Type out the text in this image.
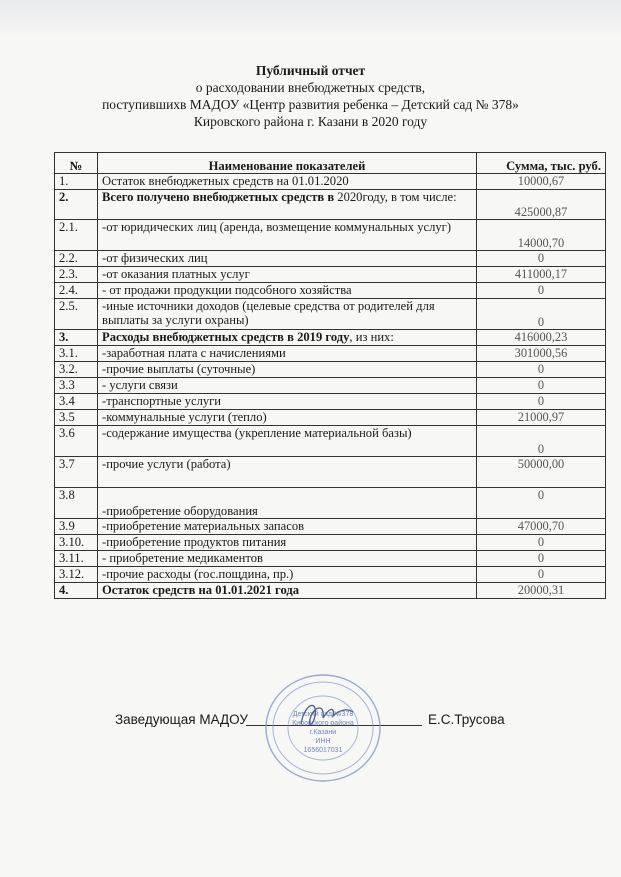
Публичный отчет
о расходовании внебюджетных средств,
поступившихв МАДОУ «Центр развития ребенка – Детский сад № 378»
Кировского района г. Казани в 2020 году
№	Наименование показателей	Сумма, тыс. руб.
1.	Остаток внебюджетных средств на 01.01.2020	10000,67
2.	Всего получено внебюджетных средств в 2020году, в том числе:	425000,87
2.1.	-от юридических лиц (аренда, возмещение коммунальных услуг)	14000,70
2.2.	-от физических лиц	0
2.3.	-от оказания платных услуг	411000,17
2.4.	- от продажи продукции подсобного хозяйства	0
2.5.	-иные источники доходов (целевые средства от родителей для выплаты за услуги охраны)	0
3.	Расходы внебюджетных средств в 2019 году, из них:	416000,23
3.1.	-заработная плата с начислениями	301000,56
3.2.	-прочие выплаты (суточные)	0
3.3	- услуги связи	0
3.4	-транспортные услуги	0
3.5	-коммунальные услуги (тепло)	21000,97
3.6	-содержание имущества (укрепление материальной базы)	0
3.7	-прочие услуги (работа)	50000,00
3.8	-приобретение оборудования	0
3.9	-приобретение материальных запасов	47000,70
3.10.	-приобретение продуктов питания	0
3.11.	- приобретение медикаментов	0
3.12.	-прочие расходы (гос.пощдина, пр.)	0
4.	Остаток средств на 01.01.2021 года	20000,31
Заведующая МАДОУ	Е.С.Трусова
Детский сад №378
Кировского района
г.Казани
ИНН
1656017031
